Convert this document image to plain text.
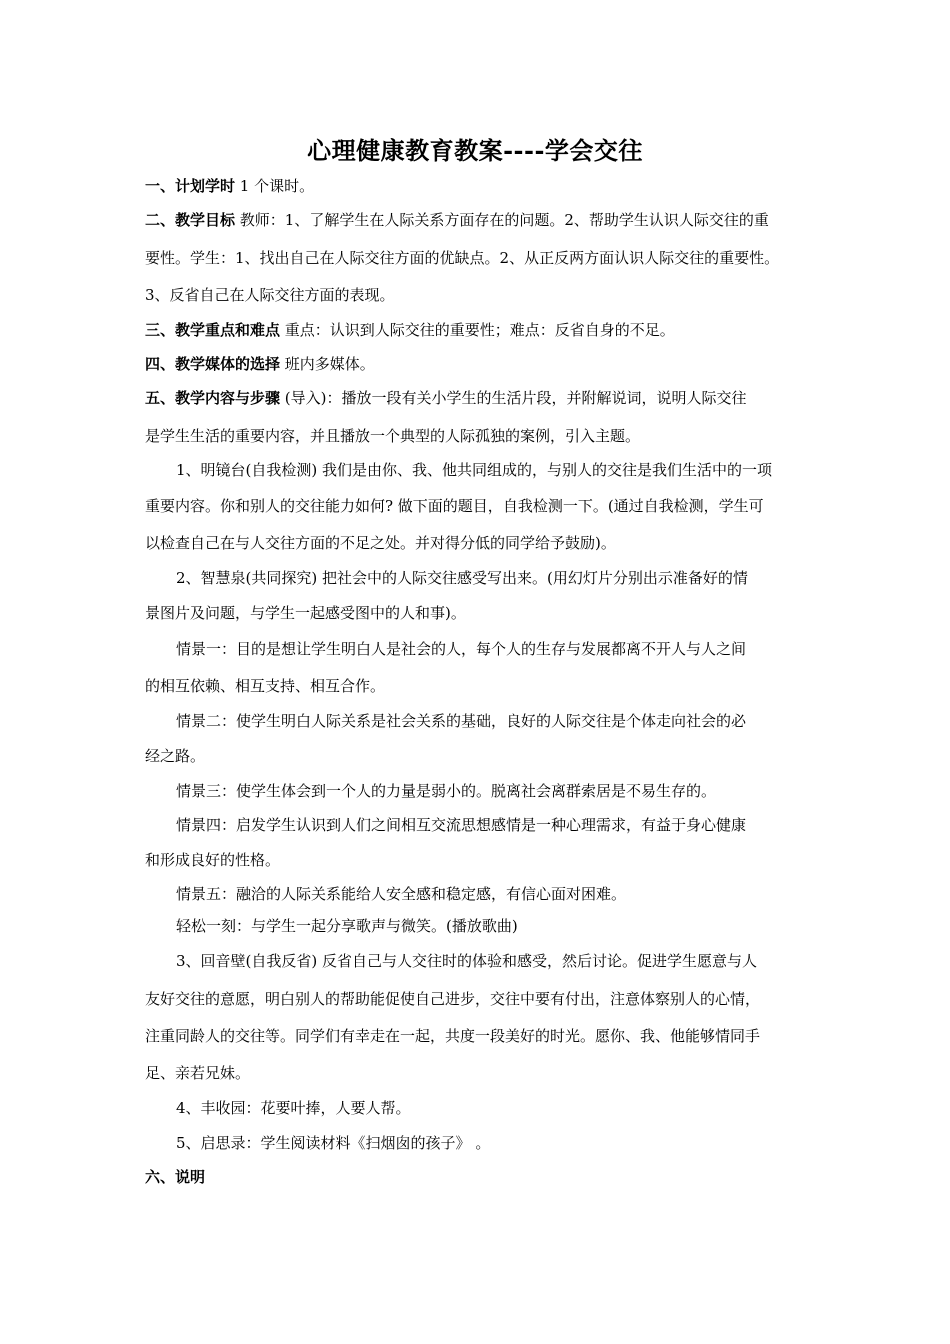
心理健康教育教案----学会交往
一、计划学时 1 个课时。
二、教学目标 教师：1、了解学生在人际关系方面存在的问题。2、帮助学生认识人际交往的重
要性。学生：1、找出自己在人际交往方面的优缺点。2、从正反两方面认识人际交往的重要性。
3、反省自己在人际交往方面的表现。
三、教学重点和难点 重点：认识到人际交往的重要性；难点：反省自身的不足。
四、教学媒体的选择 班内多媒体。
五、教学内容与步骤 (导入)：播放一段有关小学生的生活片段，并附解说词，说明人际交往
是学生生活的重要内容，并且播放一个典型的人际孤独的案例，引入主题。
1、明镜台(自我检测) 我们是由你、我、他共同组成的，与别人的交往是我们生活中的一项
重要内容。你和别人的交往能力如何? 做下面的题目，自我检测一下。(通过自我检测，学生可
以检查自己在与人交往方面的不足之处。并对得分低的同学给予鼓励)。
2、智慧泉(共同探究) 把社会中的人际交往感受写出来。(用幻灯片分别出示准备好的情
景图片及问题，与学生一起感受图中的人和事)。
情景一：目的是想让学生明白人是社会的人，每个人的生存与发展都离不开人与人之间
的相互依赖、相互支持、相互合作。
情景二：使学生明白人际关系是社会关系的基础，良好的人际交往是个体走向社会的必
经之路。
情景三：使学生体会到一个人的力量是弱小的。脱离社会离群索居是不易生存的。
情景四：启发学生认识到人们之间相互交流思想感情是一种心理需求，有益于身心健康
和形成良好的性格。
情景五：融洽的人际关系能给人安全感和稳定感，有信心面对困难。
轻松一刻：与学生一起分享歌声与微笑。(播放歌曲)
3、回音壁(自我反省) 反省自己与人交往时的体验和感受，然后讨论。促进学生愿意与人
友好交往的意愿，明白别人的帮助能促使自己进步，交往中要有付出，注意体察别人的心情，
注重同龄人的交往等。同学们有幸走在一起，共度一段美好的时光。愿你、我、他能够情同手
足、亲若兄妹。
4、丰收园：花要叶捧，人要人帮。
5、启思录：学生阅读材料《扫烟囱的孩子》 。
六、说明
